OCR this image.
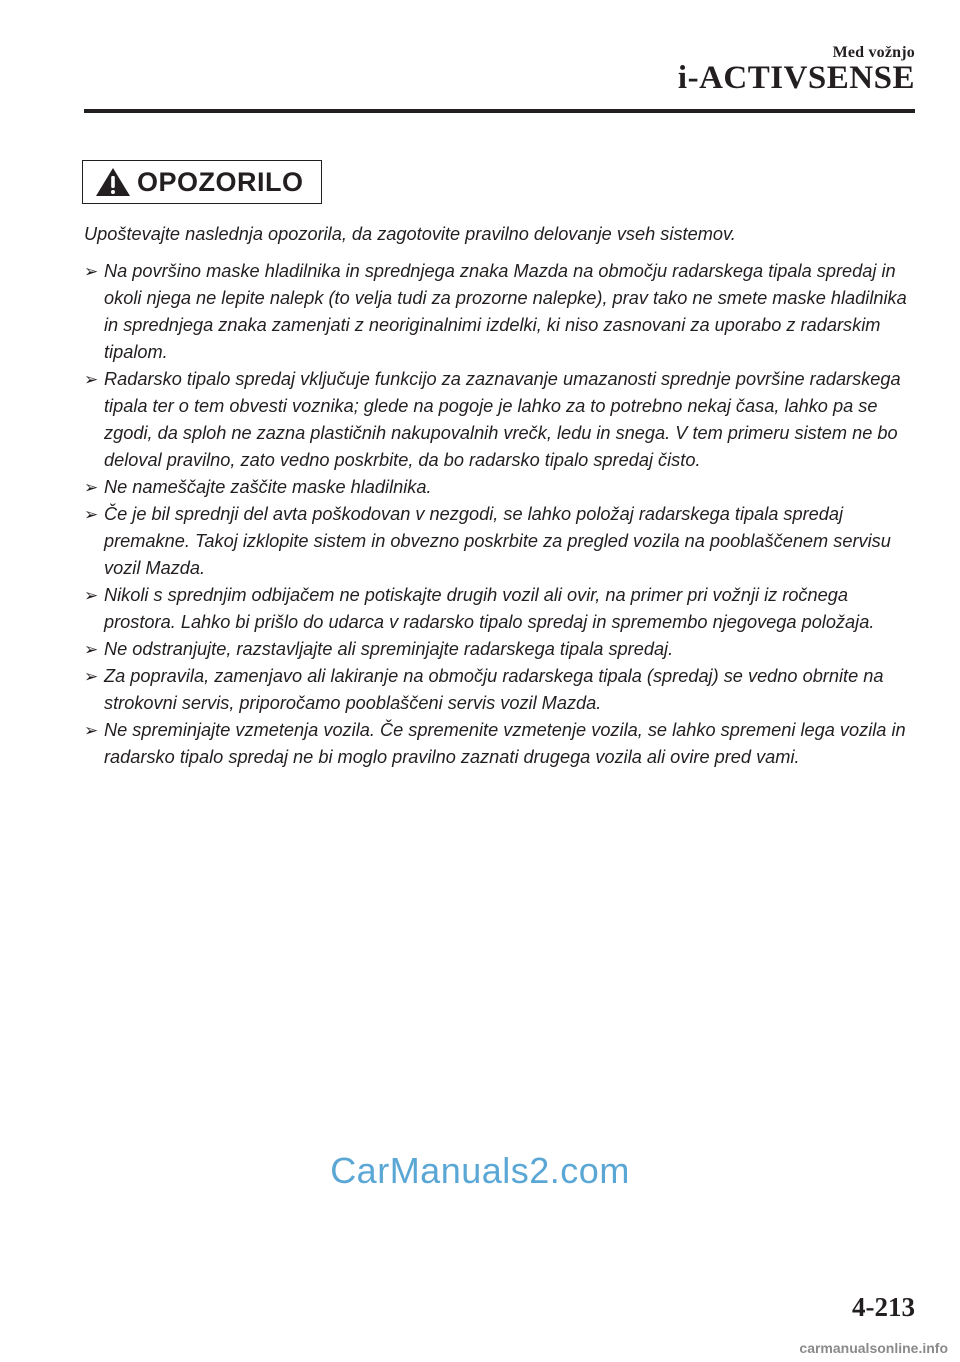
Med vožnjo
i-ACTIVSENSE
OPOZORILO

Upoštevajte naslednja opozorila, da zagotovite pravilno delovanje vseh sistemov.

➢ Na površino maske hladilnika in sprednjega znaka Mazda na območju radarskega tipala spredaj in okoli njega ne lepite nalepk (to velja tudi za prozorne nalepke), prav tako ne smete maske hladilnika in sprednjega znaka zamenjati z neoriginalnimi izdelki, ki niso zasnovani za uporabo z radarskim tipalom.
➢ Radarsko tipalo spredaj vključuje funkcijo za zaznavanje umazanosti sprednje površine radarskega tipala ter o tem obvesti voznika; glede na pogoje je lahko za to potrebno nekaj časa, lahko pa se zgodi, da sploh ne zazna plastičnih nakupovalnih vrečk, ledu in snega. V tem primeru sistem ne bo deloval pravilno, zato vedno poskrbite, da bo radarsko tipalo spredaj čisto.
➢ Ne nameščajte zaščite maske hladilnika.
➢ Če je bil sprednji del avta poškodovan v nezgodi, se lahko položaj radarskega tipala spredaj premakne. Takoj izklopite sistem in obvezno poskrbite za pregled vozila na pooblaščenem servisu vozil Mazda.
➢ Nikoli s sprednjim odbijačem ne potiskajte drugih vozil ali ovir, na primer pri vožnji iz ročnega prostora. Lahko bi prišlo do udarca v radarsko tipalo spredaj in spremembo njegovega položaja.
➢ Ne odstranjujte, razstavljajte ali spreminjajte radarskega tipala spredaj.
➢ Za popravila, zamenjavo ali lakiranje na območju radarskega tipala (spredaj) se vedno obrnite na strokovni servis, priporočamo pooblaščeni servis vozil Mazda.
➢ Ne spreminjajte vzmetenja vozila. Če spremenite vzmetenje vozila, se lahko spremeni lega vozila in radarsko tipalo spredaj ne bi moglo pravilno zaznati drugega vozila ali ovire pred vami.
CarManuals2.com
4-213
carmanualsonline.info
